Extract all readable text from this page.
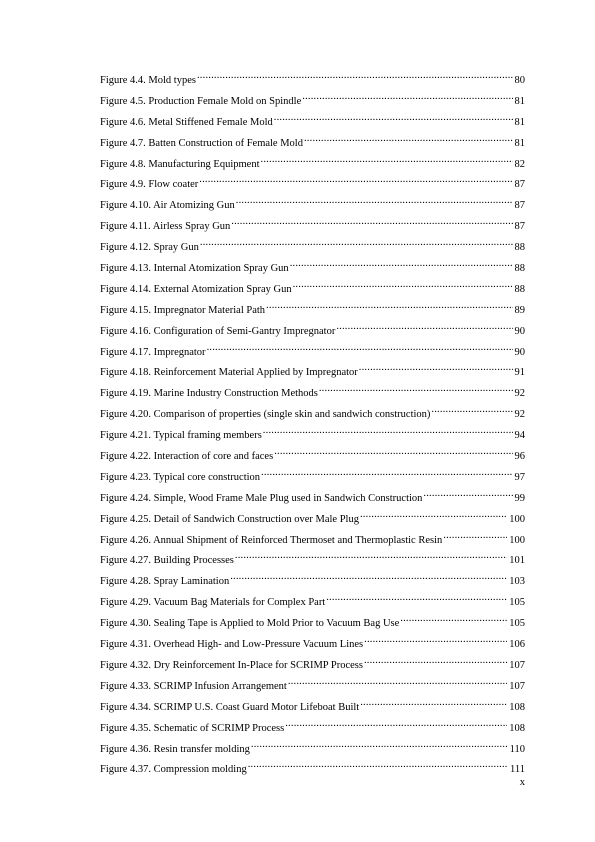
Figure 4.4. Mold types .....	80
Figure 4.5. Production Female Mold on Spindle .....	81
Figure 4.6. Metal Stiffened Female Mold .....	81
Figure 4.7. Batten Construction of Female Mold .....	81
Figure 4.8. Manufacturing Equipment .....	82
Figure 4.9. Flow coater .....	87
Figure 4.10. Air Atomizing Gun .....	87
Figure 4.11. Airless Spray Gun .....	87
Figure 4.12. Spray Gun .....	88
Figure 4.13. Internal Atomization Spray Gun .....	88
Figure 4.14. External Atomization Spray Gun .....	88
Figure 4.15. Impregnator Material Path .....	89
Figure 4.16. Configuration of Semi-Gantry Impregnator .....	90
Figure 4.17. Impregnator .....	90
Figure 4.18. Reinforcement Material Applied by Impregnator .....	91
Figure 4.19. Marine Industry Construction Methods .....	92
Figure 4.20. Comparison of properties (single skin and sandwich construction) .....	92
Figure 4.21. Typical framing members .....	94
Figure 4.22. Interaction of core and faces .....	96
Figure 4.23. Typical core construction .....	97
Figure 4.24. Simple, Wood Frame Male Plug used in Sandwich Construction .....	99
Figure 4.25. Detail of Sandwich Construction over Male Plug .....	100
Figure 4.26. Annual Shipment of Reinforced Thermoset and Thermoplastic Resin .....	100
Figure 4.27. Building Processes .....	101
Figure 4.28. Spray Lamination .....	103
Figure 4.29. Vacuum Bag Materials for Complex Part .....	105
Figure 4.30. Sealing Tape is Applied to Mold Prior to Vacuum Bag Use .....	105
Figure 4.31. Overhead High- and Low-Pressure Vacuum Lines .....	106
Figure 4.32. Dry Reinforcement In-Place for SCRIMP Process .....	107
Figure 4.33. SCRIMP Infusion Arrangement .....	107
Figure 4.34. SCRIMP U.S. Coast Guard Motor Lifeboat Built .....	108
Figure 4.35. Schematic of SCRIMP Process .....	108
Figure 4.36. Resin transfer molding .....	110
Figure 4.37. Compression molding .....	111
x
